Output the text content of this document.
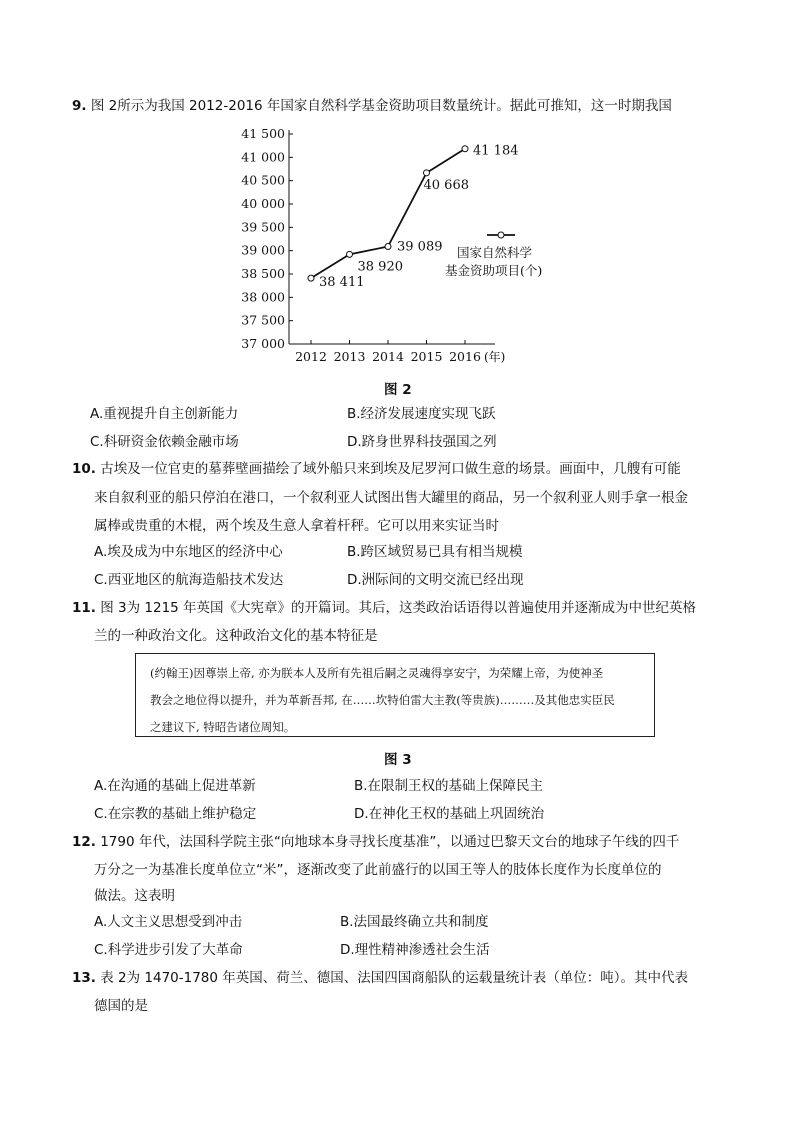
9. 图 2所示为我国 2012-2016 年国家自然科学基金资助项目数量统计。据此可推知，这一时期我国
37 000
37 500
38 000
38 500
39 000
39 500
40 000
40 500
41 000
41 500
2012 2013 2014 2015 2016 (年)
38 411
38 920
39 089
40 668
41 184
国家自然科学
基金资助项目(个)
图 2
A.重视提升自主创新能力	B.经济发展速度实现飞跃
C.科研资金依赖金融市场	D.跻身世界科技强国之列
10. 古埃及一位官吏的墓葬壁画描绘了域外船只来到埃及尼罗河口做生意的场景。画面中，几艘有可能
来自叙利亚的船只停泊在港口，一个叙利亚人试图出售大罐里的商品，另一个叙利亚人则手拿一根金
属棒或贵重的木棍，两个埃及生意人拿着杆秤。它可以用来实证当时
A.埃及成为中东地区的经济中心	B.跨区域贸易已具有相当规模
C.西亚地区的航海造船技术发达	D.洲际间的文明交流已经出现
11. 图 3为 1215 年英国《大宪章》的开篇词。其后，这类政治话语得以普遍使用并逐渐成为中世纪英格
兰的一种政治文化。这种政治文化的基本特征是
(约翰王)因尊崇上帝, 亦为朕本人及所有先祖后嗣之灵魂得享安宁，为荣耀上帝，为使神圣
教会之地位得以提升，并为革新吾邦, 在……坎特伯雷大主教(等贵族)………及其他忠实臣民
之建议下, 特昭告诸位周知。
图 3
A.在沟通的基础上促进革新	B.在限制王权的基础上保障民主
C.在宗教的基础上维护稳定	D.在神化王权的基础上巩固统治
12. 1790 年代，法国科学院主张“向地球本身寻找长度基准”，以通过巴黎天文台的地球子午线的四千
万分之一为基准长度单位立“米”，逐渐改变了此前盛行的以国王等人的肢体长度作为长度单位的
做法。这表明
A.人文主义思想受到冲击	B.法国最终确立共和制度
C.科学进步引发了大革命	D.理性精神渗透社会生活
13. 表 2为 1470-1780 年英国、荷兰、德国、法国四国商船队的运载量统计表（单位：吨）。其中代表
德国的是
